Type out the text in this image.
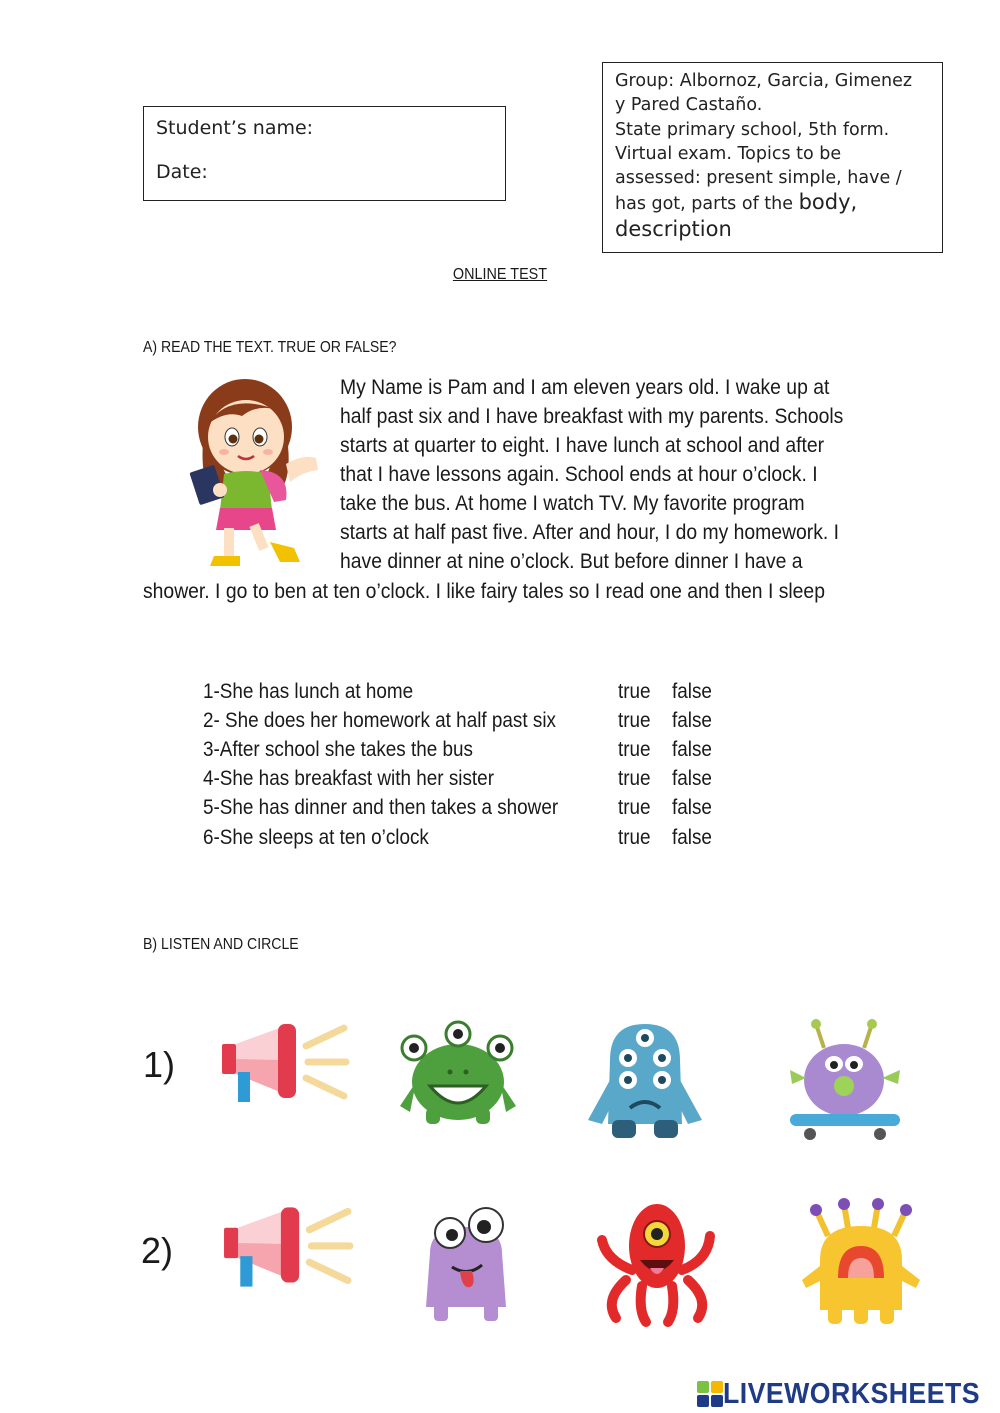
Student’s name:
Date:
Group: Albornoz, Garcia, Gimenez
y Pared Castaño.
State primary school, 5th form.
Virtual exam. Topics to be
assessed: present simple, have /
has got, parts of the body,
description
ONLINE TEST
A) READ THE TEXT. TRUE OR FALSE?
My Name is Pam and I am eleven years old. I wake up at
half past six and I have breakfast with my parents. Schools
starts at quarter to eight. I have lunch at school and after
that I have lessons again. School ends at hour o’clock. I
take the bus. At home I watch TV. My favorite program
starts at half past five. After and hour, I do my homework. I
have dinner at nine o’clock. But before dinner I have a
shower. I go to ben at ten o’clock. I like fairy tales so I read one and then I sleep
1-She has lunch at home	true false
2- She does her homework at half past six	true false
3-After school she takes the bus	true false
4-She has breakfast with her sister	true false
5-She has dinner and then takes a shower	true false
6-She sleeps at ten o’clock	true false
B) LISTEN AND CIRCLE
1)
2)
LIVEWORKSHEETS
